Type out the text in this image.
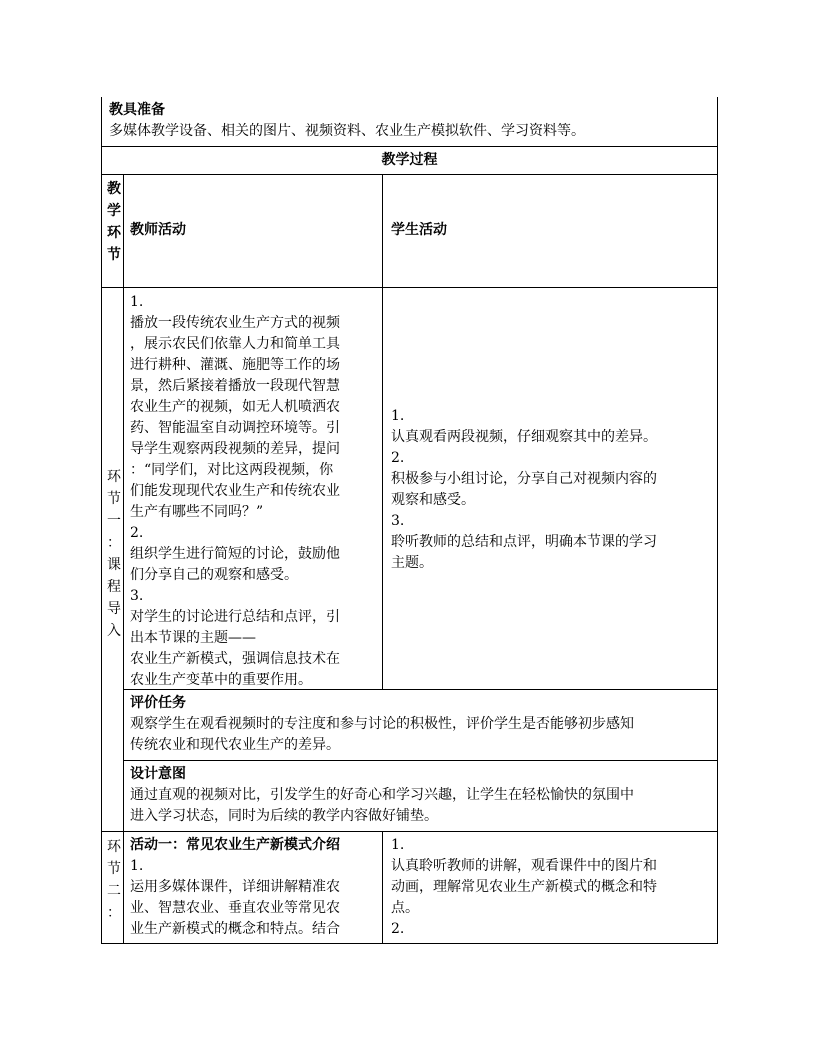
教具准备
多媒体教学设备、相关的图片、视频资料、农业生产模拟软件、学习资料等。
教学过程
教
学
环
节
教师活动	学生活动
环
节
一
：
课
程
导
入
1.
播放一段传统农业生产方式的视频
，展示农民们依靠人力和简单工具
进行耕种、灌溉、施肥等工作的场
景，然后紧接着播放一段现代智慧
农业生产的视频，如无人机喷洒农
药、智能温室自动调控环境等。引
导学生观察两段视频的差异，提问
：“同学们，对比这两段视频，你
们能发现现代农业生产和传统农业
生产有哪些不同吗？”
2.
组织学生进行简短的讨论，鼓励他
们分享自己的观察和感受。
3.
对学生的讨论进行总结和点评，引
出本节课的主题——
农业生产新模式，强调信息技术在
农业生产变革中的重要作用。
1.
认真观看两段视频，仔细观察其中的差异。
2.
积极参与小组讨论，分享自己对视频内容的
观察和感受。
3.
聆听教师的总结和点评，明确本节课的学习
主题。
评价任务
观察学生在观看视频时的专注度和参与讨论的积极性，评价学生是否能够初步感知
传统农业和现代农业生产的差异。
设计意图
通过直观的视频对比，引发学生的好奇心和学习兴趣，让学生在轻松愉快的氛围中
进入学习状态，同时为后续的教学内容做好铺垫。
环
节
二
：
活动一：常见农业生产新模式介绍
1.
运用多媒体课件，详细讲解精准农
业、智慧农业、垂直农业等常见农
业生产新模式的概念和特点。结合
1.
认真聆听教师的讲解，观看课件中的图片和
动画，理解常见农业生产新模式的概念和特
点。
2.
